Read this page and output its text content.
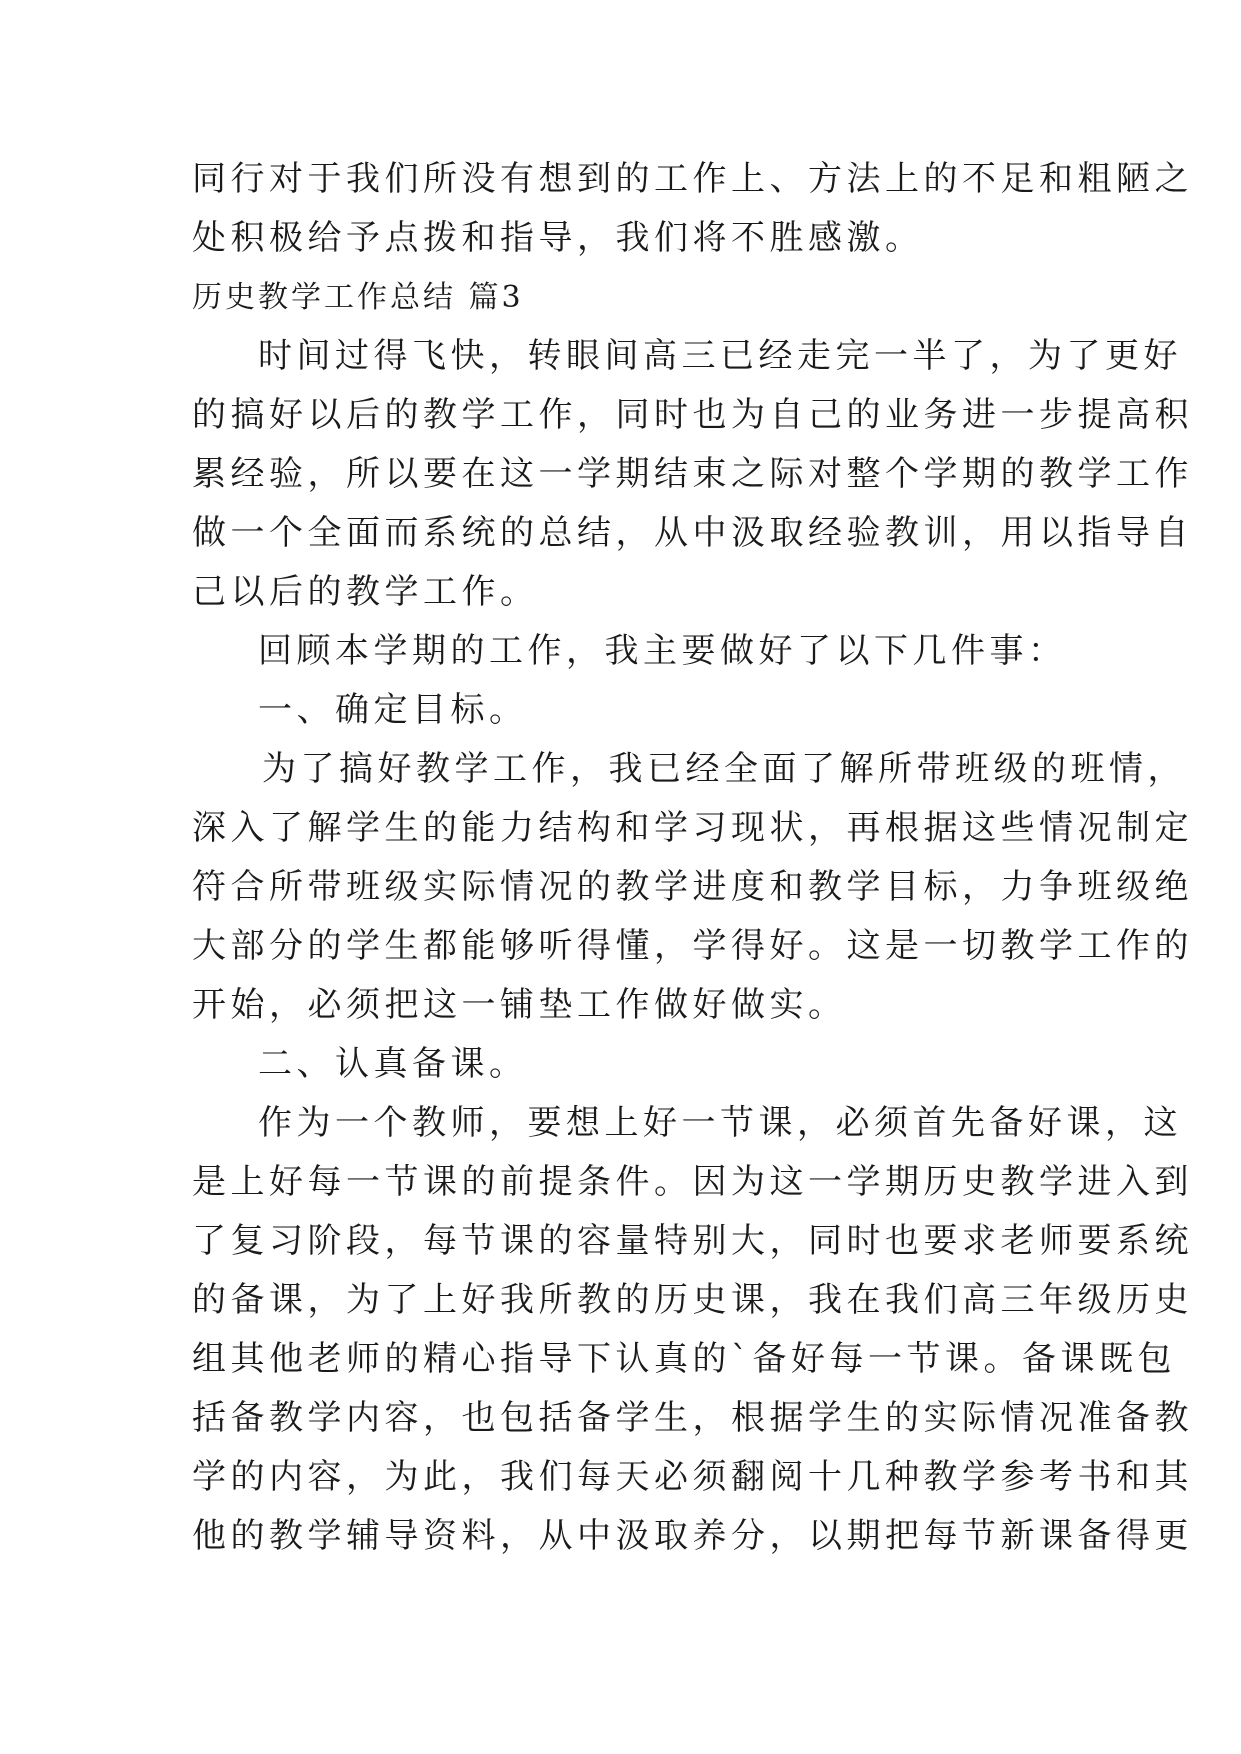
同行对于我们所没有想到的工作上、方法上的不足和粗陋之
处积极给予点拨和指导，我们将不胜感激。
历史教学工作总结 篇3
时间过得飞快，转眼间高三已经走完一半了，为了更好
的搞好以后的教学工作，同时也为自己的业务进一步提高积
累经验，所以要在这一学期结束之际对整个学期的教学工作
做一个全面而系统的总结，从中汲取经验教训，用以指导自
己以后的教学工作。
回顾本学期的工作，我主要做好了以下几件事：
一、确定目标。
为了搞好教学工作，我已经全面了解所带班级的班情，
深入了解学生的能力结构和学习现状，再根据这些情况制定
符合所带班级实际情况的教学进度和教学目标，力争班级绝
大部分的学生都能够听得懂，学得好。这是一切教学工作的
开始，必须把这一铺垫工作做好做实。
二、认真备课。
作为一个教师，要想上好一节课，必须首先备好课，这
是上好每一节课的前提条件。因为这一学期历史教学进入到
了复习阶段，每节课的容量特别大，同时也要求老师要系统
的备课，为了上好我所教的历史课，我在我们高三年级历史
组其他老师的精心指导下认真的`备好每一节课。备课既包
括备教学内容，也包括备学生，根据学生的实际情况准备教
学的内容，为此，我们每天必须翻阅十几种教学参考书和其
他的教学辅导资料，从中汲取养分，以期把每节新课备得更
